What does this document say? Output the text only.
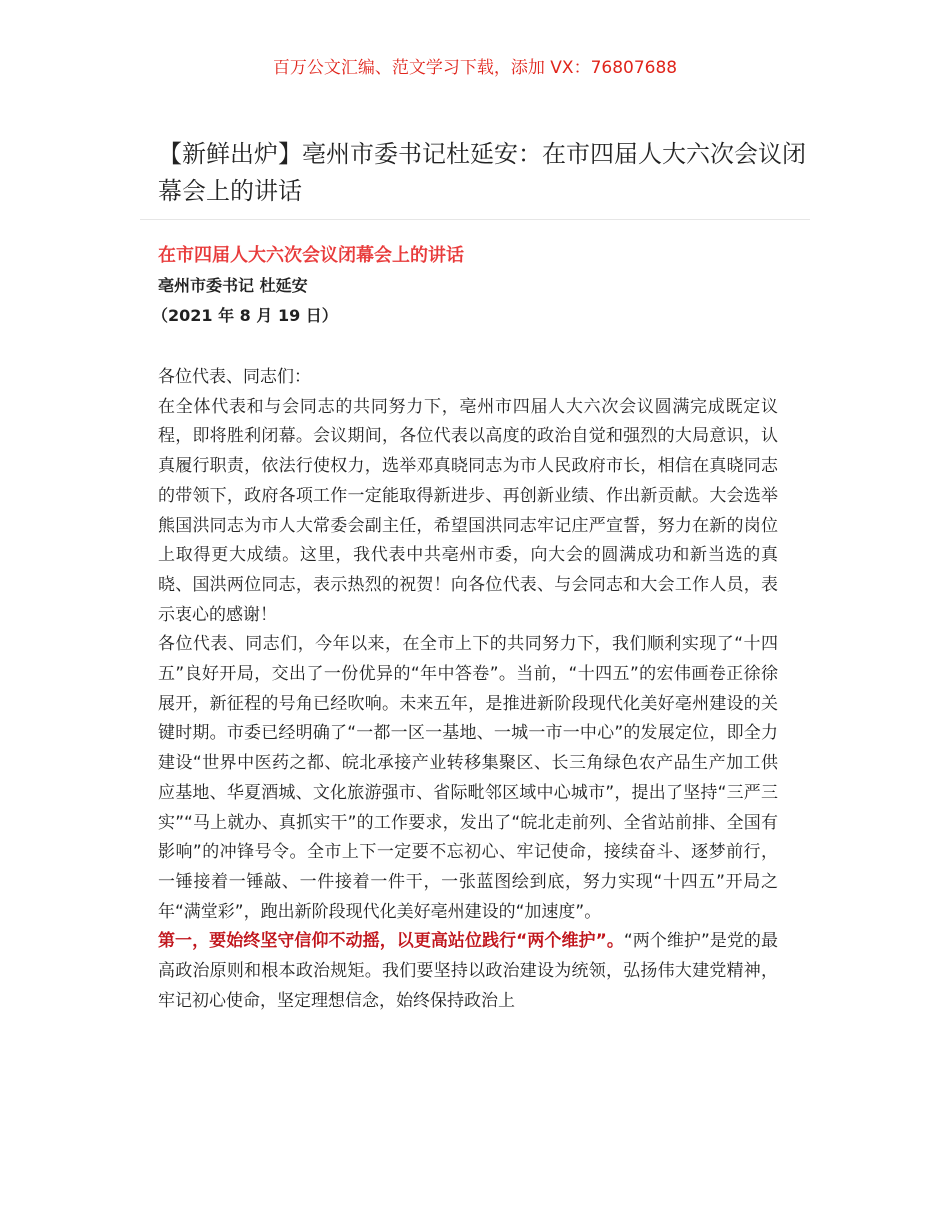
百万公文汇编、范文学习下载，添加 VX：76807688
【新鲜出炉】亳州市委书记杜延安：在市四届人大六次会议闭幕会上的讲话

在市四届人大六次会议闭幕会上的讲话

亳州市委书记 杜延安

（2021 年 8 月 19 日）

各位代表、同志们：

在全体代表和与会同志的共同努力下，亳州市四届人大六次会议圆满完成既定议程，即将胜利闭幕。会议期间，各位代表以高度的政治自觉和强烈的大局意识，认真履行职责，依法行使权力，选举邓真晓同志为市人民政府市长，相信在真晓同志的带领下，政府各项工作一定能取得新进步、再创新业绩、作出新贡献。大会选举熊国洪同志为市人大常委会副主任，希望国洪同志牢记庄严宣誓，努力在新的岗位上取得更大成绩。这里，我代表中共亳州市委，向大会的圆满成功和新当选的真晓、国洪两位同志，表示热烈的祝贺！向各位代表、与会同志和大会工作人员，表示衷心的感谢！

各位代表、同志们，今年以来，在全市上下的共同努力下，我们顺利实现了“十四五”良好开局，交出了一份优异的“年中答卷”。当前，“十四五”的宏伟画卷正徐徐展开，新征程的号角已经吹响。未来五年，是推进新阶段现代化美好亳州建设的关键时期。市委已经明确了“一都一区一基地、一城一市一中心”的发展定位，即全力建设“世界中医药之都、皖北承接产业转移集聚区、长三角绿色农产品生产加工供应基地、华夏酒城、文化旅游强市、省际毗邻区域中心城市”，提出了坚持“三严三实”“马上就办、真抓实干”的工作要求，发出了“皖北走前列、全省站前排、全国有影响”的冲锋号令。全市上下一定要不忘初心、牢记使命，接续奋斗、逐梦前行，一锤接着一锤敲、一件接着一件干，一张蓝图绘到底，努力实现“十四五”开局之年“满堂彩”，跑出新阶段现代化美好亳州建设的“加速度”。

第一，要始终坚守信仰不动摇，以更高站位践行“两个维护”。“两个维护”是党的最高政治原则和根本政治规矩。我们要坚持以政治建设为统领，弘扬伟大建党精神，牢记初心使命，坚定理想信念，始终保持政治上
